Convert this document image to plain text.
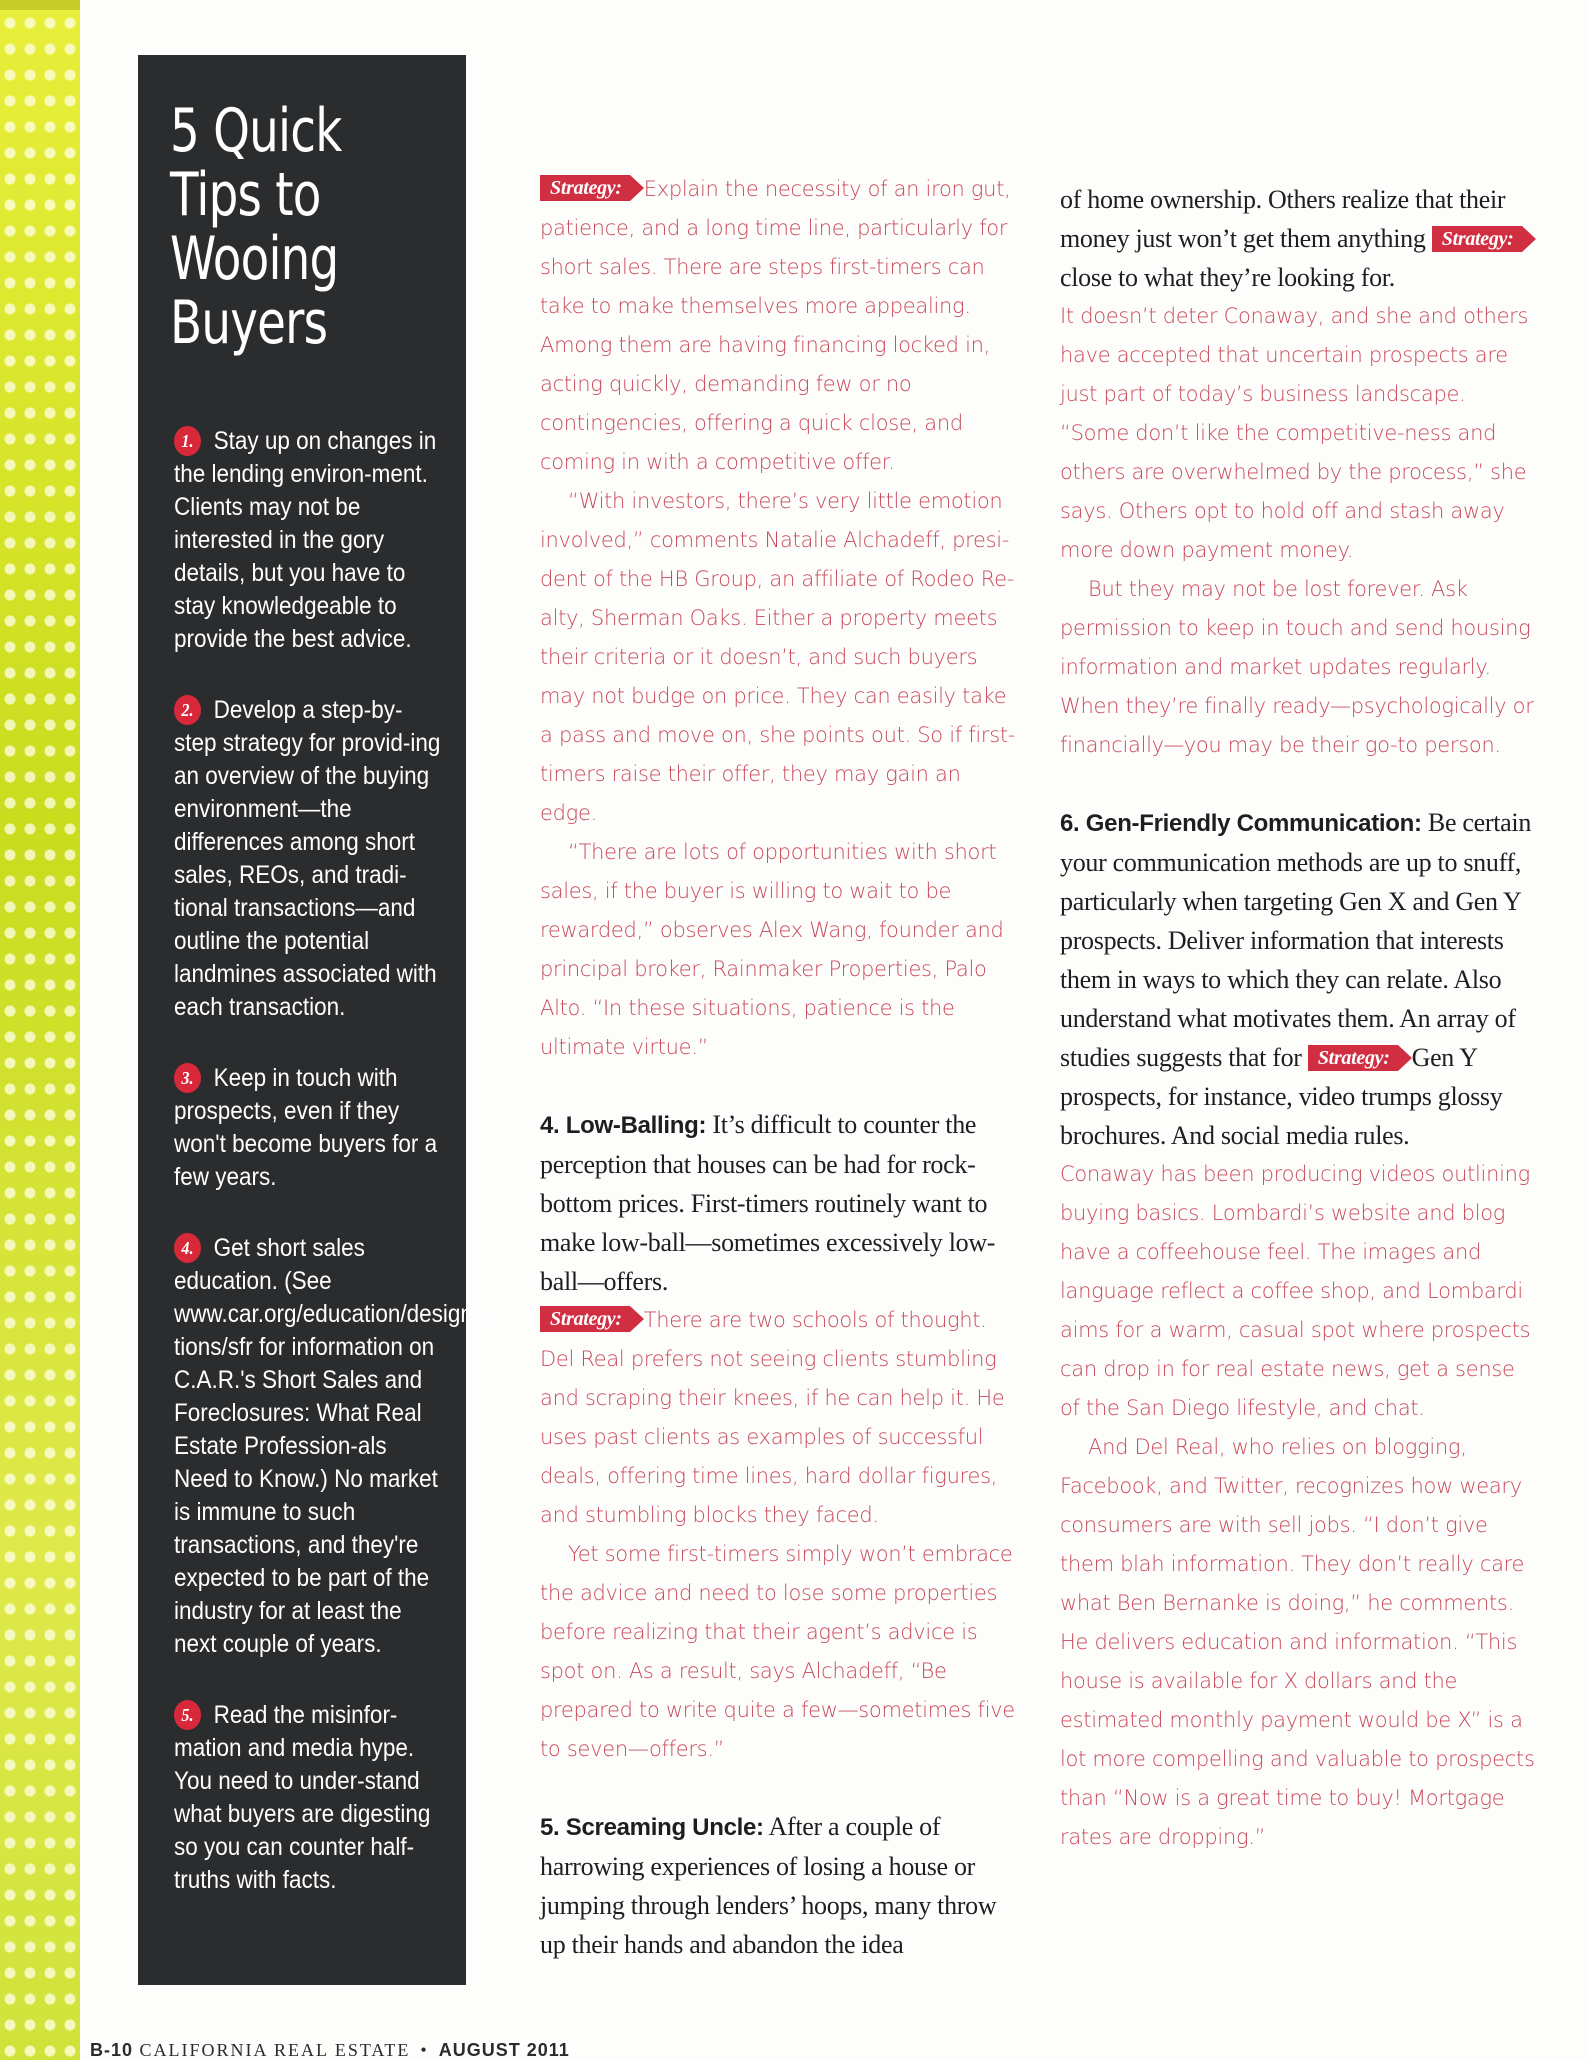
5 Quick Tips to Wooing Buyers
1. Stay up on changes in the lending environ-ment. Clients may not be interested in the gory details, but you have to stay knowledgeable to provide the best advice.
2. Develop a step-by-step strategy for provid-ing an overview of the buying environment—the differences among short sales, REOs, and tradi-tional transactions—and outline the potential landmines associated with each transaction.
3. Keep in touch with prospects, even if they won't become buyers for a few years.
4. Get short sales education. (See www.car.org/education/designa-tions/sfr for information on C.A.R.'s Short Sales and Foreclosures: What Real Estate Profession-als Need to Know.) No market is immune to such transactions, and they're expected to be part of the industry for at least the next couple of years.
5. Read the misinfor-mation and media hype. You need to under-stand what buyers are digesting so you can counter half-truths with facts.

Strategy: Explain the necessity of an iron gut, patience, and a long time line, particularly for short sales. There are steps first-timers can take to make themselves more appealing. Among them are having financing locked in, acting quickly, demanding few or no contingencies, offering a quick close, and coming in with a competitive offer.

“With investors, there’s very little emotion involved,” comments Natalie Alchadeff, presi-dent of the HB Group, an affiliate of Rodeo Re-alty, Sherman Oaks. Either a property meets their criteria or it doesn’t, and such buyers may not budge on price. They can easily take a pass and move on, she points out. So if first-timers raise their offer, they may gain an edge.

“There are lots of opportunities with short sales, if the buyer is willing to wait to be rewarded,” observes Alex Wang, founder and principal broker, Rainmaker Properties, Palo Alto. “In these situations, patience is the ultimate virtue.”

4. Low-Balling: It’s difficult to counter the perception that houses can be had for rock-bottom prices. First-timers routinely want to make low-ball—sometimes excessively low-ball—offers.

Strategy: There are two schools of thought. Del Real prefers not seeing clients stumbling and scraping their knees, if he can help it. He uses past clients as examples of successful deals, offering time lines, hard dollar figures, and stumbling blocks they faced.

Yet some first-timers simply won’t embrace the advice and need to lose some properties before realizing that their agent’s advice is spot on. As a result, says Alchadeff, “Be prepared to write quite a few—sometimes five to seven—offers.”

5. Screaming Uncle: After a couple of harrowing experiences of losing a house or jumping through lenders’ hoops, many throw up their hands and abandon the idea

of home ownership. Others realize that their money just won’t get them anything Strategy:close to what they’re looking for.

It doesn’t deter Conaway, and she and others have accepted that uncertain prospects are just part of today’s business landscape. “Some don’t like the competitive-ness and others are overwhelmed by the process,” she says. Others opt to hold off and stash away more down payment money.

But they may not be lost forever. Ask permission to keep in touch and send housing information and market updates regularly. When they’re finally ready—psychologically or financially—you may be their go-to person.

6. Gen-Friendly Communication: Be certain your communication methods are up to snuff, particularly when targeting Gen X and Gen Y prospects. Deliver information that interests them in ways to which they can relate. Also understand what motivates them. An array of studies suggests that for Strategy: Gen Y prospects, for instance, video trumps glossy brochures. And social media rules.

Conaway has been producing videos outlining buying basics. Lombardi’s website and blog have a coffeehouse feel. The images and language reflect a coffee shop, and Lombardi aims for a warm, casual spot where prospects can drop in for real estate news, get a sense of the San Diego lifestyle, and chat.

And Del Real, who relies on blogging, Facebook, and Twitter, recognizes how weary consumers are with sell jobs. “I don’t give them blah information. They don’t really care what Ben Bernanke is doing,” he comments. He delivers education and information. “This house is available for X dollars and the estimated monthly payment would be X” is a lot more compelling and valuable to prospects than “Now is a great time to buy! Mortgage rates are dropping.”

B-10 CALIFORNIA REAL ESTATE • AUGUST 2011
